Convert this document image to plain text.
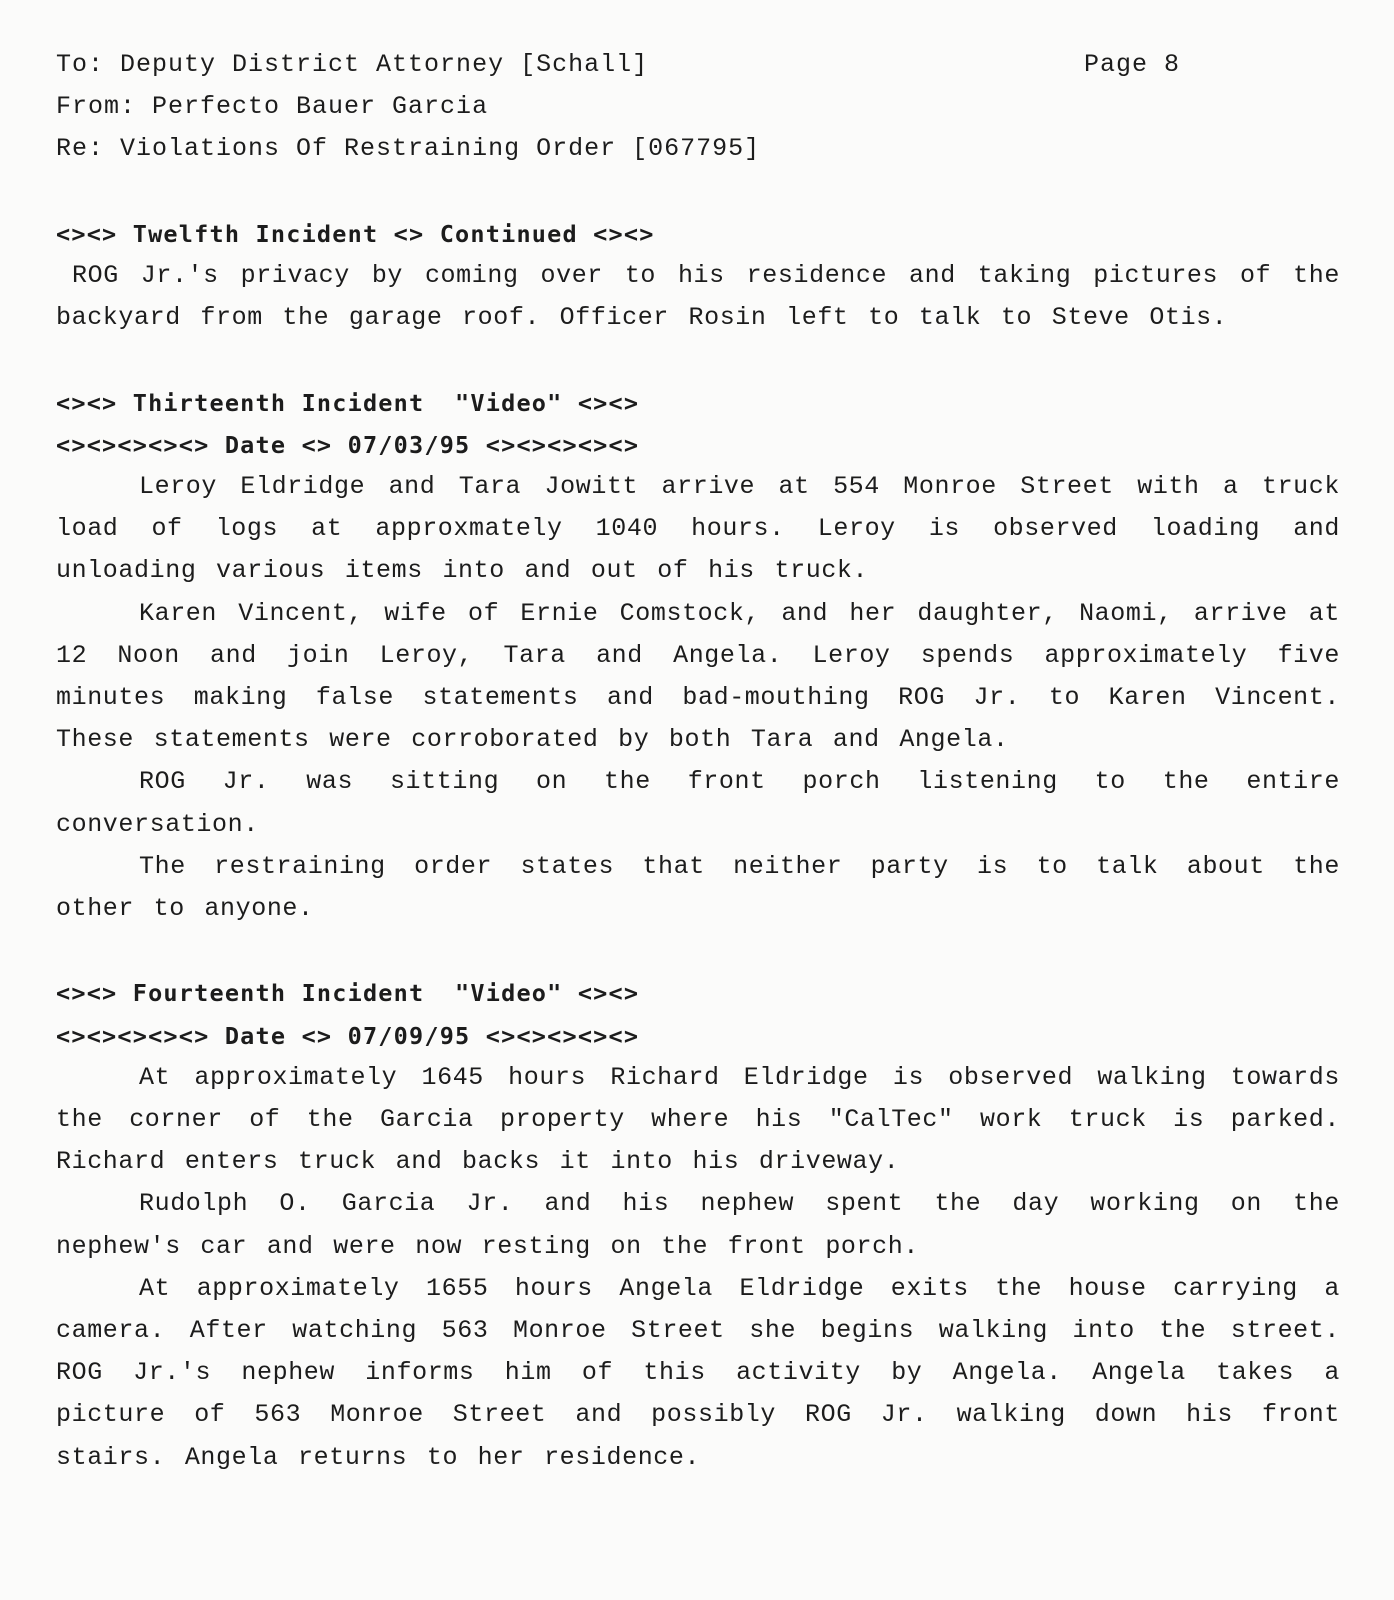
To: Deputy District Attorney [Schall]	Page 8
From: Perfecto Bauer Garcia
Re: Violations Of Restraining Order [067795]
<><> Twelfth Incident <> Continued <><>
ROG Jr.'s privacy by coming over to his residence and taking pictures of the backyard from the garage roof. Officer Rosin left to talk to Steve Otis.
<><> Thirteenth Incident  "Video" <><>
<><><><><> Date <> 07/03/95 <><><><><>
Leroy Eldridge and Tara Jowitt arrive at 554 Monroe Street with a truck load of logs at approxmately 1040 hours. Leroy is observed loading and unloading various items into and out of his truck.
Karen Vincent, wife of Ernie Comstock, and her daughter, Naomi, arrive at 12 Noon and join Leroy, Tara and Angela. Leroy spends approximately five minutes making false statements and bad-mouthing ROG Jr. to Karen Vincent. These statements were corroborated by both Tara and Angela.
ROG Jr. was sitting on the front porch listening to the entire conversation.
The restraining order states that neither party is to talk about the other to anyone.
<><> Fourteenth Incident  "Video" <><>
<><><><><> Date <> 07/09/95 <><><><><>
At approximately 1645 hours Richard Eldridge is observed walking towards the corner of the Garcia property where his "CalTec" work truck is parked. Richard enters truck and backs it into his driveway.
Rudolph O. Garcia Jr. and his nephew spent the day working on the nephew's car and were now resting on the front porch.
At approximately 1655 hours Angela Eldridge exits the house carrying a camera. After watching 563 Monroe Street she begins walking into the street. ROG Jr.'s nephew informs him of this activity by Angela. Angela takes a picture of 563 Monroe Street and possibly ROG Jr. walking down his front stairs. Angela returns to her residence.
